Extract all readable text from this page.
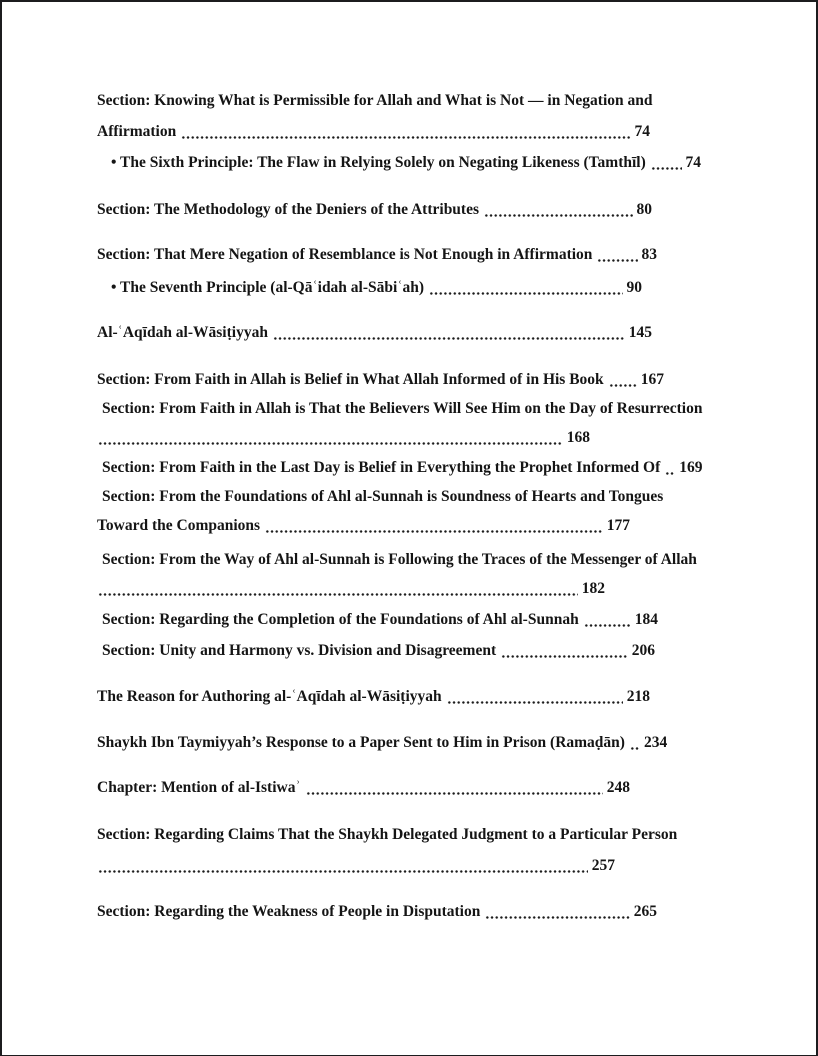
Section: Knowing What is Permissible for Allah and What is Not — in Negation and
Affirmation	74
• The Sixth Principle: The Flaw in Relying Solely on Negating Likeness (Tamthīl)	74
Section: The Methodology of the Deniers of the Attributes	80
Section: That Mere Negation of Resemblance is Not Enough in Affirmation	83
• The Seventh Principle (al-Qāʿidah al-Sābiʿah)	90
Al-ʿAqīdah al-Wāsiṭiyyah	145
Section: From Faith in Allah is Belief in What Allah Informed of in His Book 167
Section: From Faith in Allah is That the Believers Will See Him on the Day of Resurrection
168
Section: From Faith in the Last Day is Belief in Everything the Prophet Informed Of 169
Section: From the Foundations of Ahl al-Sunnah is Soundness of Hearts and Tongues
Toward the Companions	177
Section: From the Way of Ahl al-Sunnah is Following the Traces of the Messenger of Allah
182
Section: Regarding the Completion of the Foundations of Ahl al-Sunnah	184
Section: Unity and Harmony vs. Division and Disagreement	206
The Reason for Authoring al-ʿAqīdah al-Wāsiṭiyyah	218
Shaykh Ibn Taymiyyah’s Response to a Paper Sent to Him in Prison (Ramaḍān) 234
Chapter: Mention of al-Istiwaʾ	248
Section: Regarding Claims That the Shaykh Delegated Judgment to a Particular Person
257
Section: Regarding the Weakness of People in Disputation	265
